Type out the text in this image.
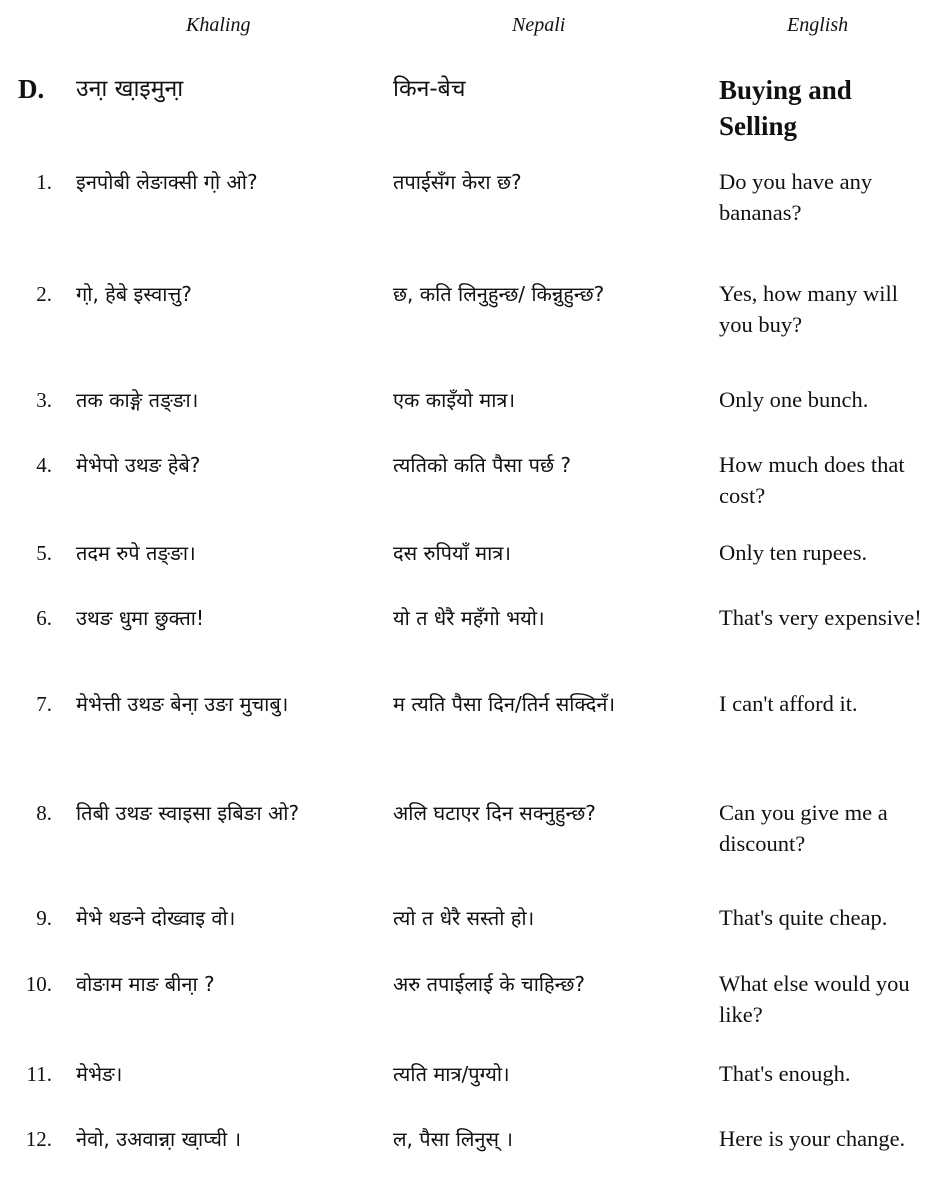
Khaling	Nepali	English
D. उना़ खा़इमुना़	किन-बेच	Buying and Selling
1. इनपोबी लेङाक्सी गो़ ओ?	तपाईसँग केरा छ?	Do you have any bananas?
2. गो़, हेबे इस्वात्तु?	छ, कति लिनुहुन्छ/ किन्नुहुन्छ?	Yes, how many will you buy?
3. तक काङ्गे तङ्ङा।	एक काइँयो मात्र।	Only one bunch.
4. मेभेपो उथङ हेबे?	त्यतिको कति पैसा पर्छ ?	How much does that cost?
5. तदम रुपे तङ्ङा।	दस रुपियाँ मात्र।	Only ten rupees.
6. उथङ धुमा छुक्ता!	यो त धेरै महँगो भयो।	That's very expensive!
7. मेभेत्ती उथङ बेना़ उङा मुचाबु।	म त्यति पैसा दिन/तिर्न सक्दिनँ।	I can't afford it.
8. तिबी उथङ स्वाइसा इबिङा ओ?	अलि घटाएर दिन सक्नुहुन्छ?	Can you give me a discount?
9. मेभे थङने दोख्वाइ वो।	त्यो त धेरै सस्तो हो।	That's quite cheap.
10. वोङाम माङ बीना़ ?	अरु तपाईलाई के चाहिन्छ?	What else would you like?
11. मेभेङ।	त्यति मात्र/पुग्यो।	That's enough.
12. नेवो, उअवान्ना़ खा़प्ची ।	ल, पैसा लिनुस् ।	Here is your change.
